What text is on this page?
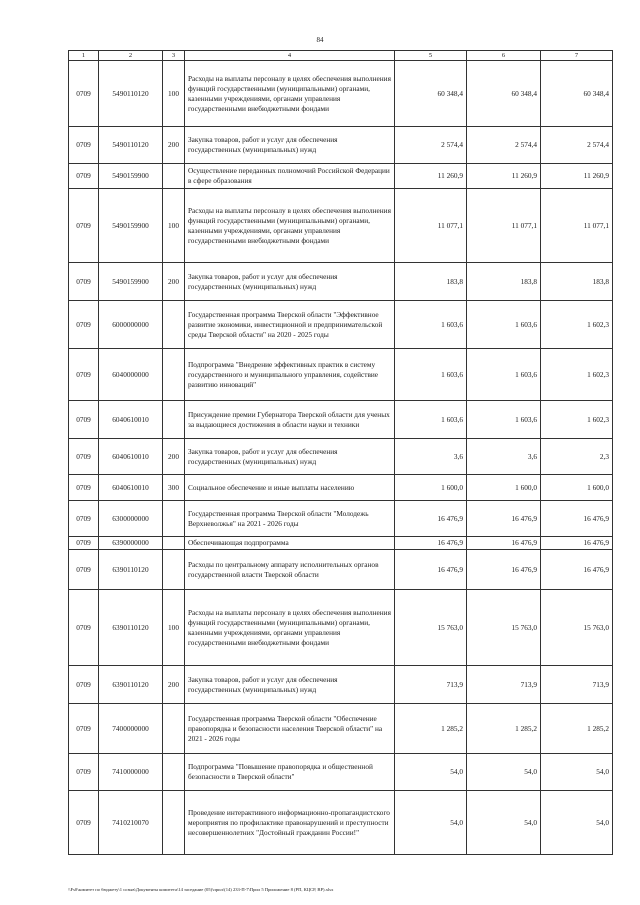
84
1	2	3	4	5	6	7
0709	5490110120	100	Расходы на выплаты персоналу в целях обеспечения выполнения функций государственными (муниципальными) органами, казенными учреждениями, органами управления государственными внебюджетными фондами	60 348,4	60 348,4	60 348,4
0709	5490110120	200	Закупка товаров, работ и услуг для обеспечения государственных (муниципальных) нужд	2 574,4	2 574,4	2 574,4
0709	5490159900		Осуществление переданных полномочий Российской Федерации в сфере образования	11 260,9	11 260,9	11 260,9
0709	5490159900	100	Расходы на выплаты персоналу в целях обеспечения выполнения функций государственными (муниципальными) органами, казенными учреждениями, органами управления государственными внебюджетными фондами	11 077,1	11 077,1	11 077,1
0709	5490159900	200	Закупка товаров, работ и услуг для обеспечения государственных (муниципальных) нужд	183,8	183,8	183,8
0709	6000000000		Государственная программа Тверской области "Эффективное развитие экономики, инвестиционной и предпринимательской среды Тверской области" на 2020 - 2025 годы	1 603,6	1 603,6	1 602,3
0709	6040000000		Подпрограмма "Внедрение эффективных практик в систему государственного и муниципального управления, содействие развитию инноваций"	1 603,6	1 603,6	1 602,3
0709	6040610010		Присуждение премии Губернатора Тверской области для ученых за выдающиеся достижения в области науки и техники	1 603,6	1 603,6	1 602,3
0709	6040610010	200	Закупка товаров, работ и услуг для обеспечения государственных (муниципальных) нужд	3,6	3,6	2,3
0709	6040610010	300	Социальное обеспечение и иные выплаты населению	1 600,0	1 600,0	1 600,0
0709	6300000000		Государственная программа Тверской области "Молодежь Верхневолжья" на 2021 - 2026 годы	16 476,9	16 476,9	16 476,9
0709	6390000000		Обеспечивающая подпрограмма	16 476,9	16 476,9	16 476,9
0709	6390110120		Расходы по центральному аппарату исполнительных органов государственной власти Тверской области	16 476,9	16 476,9	16 476,9
0709	6390110120	100	Расходы на выплаты персоналу в целях обеспечения выполнения функций государственными (муниципальными) органами, казенными учреждениями, органами управления государственными внебюджетными фондами	15 763,0	15 763,0	15 763,0
0709	6390110120	200	Закупка товаров, работ и услуг для обеспечения государственных (муниципальных) нужд	713,9	713,9	713,9
0709	7400000000		Государственная программа Тверской области "Обеспечение правопорядка и безопасности населения Тверской области" на 2021 - 2026 годы	1 285,2	1 285,2	1 285,2
0709	7410000000		Подпрограмма "Повышение правопорядка и общественной безопасности в Тверской области"	54,0	54,0	54,0
0709	7410210070		Проведение интерактивного информационно-пропагандистского мероприятия по профилактике правонарушений и преступности несовершеннолетних "Достойный гражданин России!"	54,0	54,0	54,0
\\Fs0\комитет по бюджету\1 созыв\Документы комитета\14 заседание (05)\прил\(14) 233-П-7\Прил 5 Приложение 8 (РП, КЦСР, ВР).xlsx
